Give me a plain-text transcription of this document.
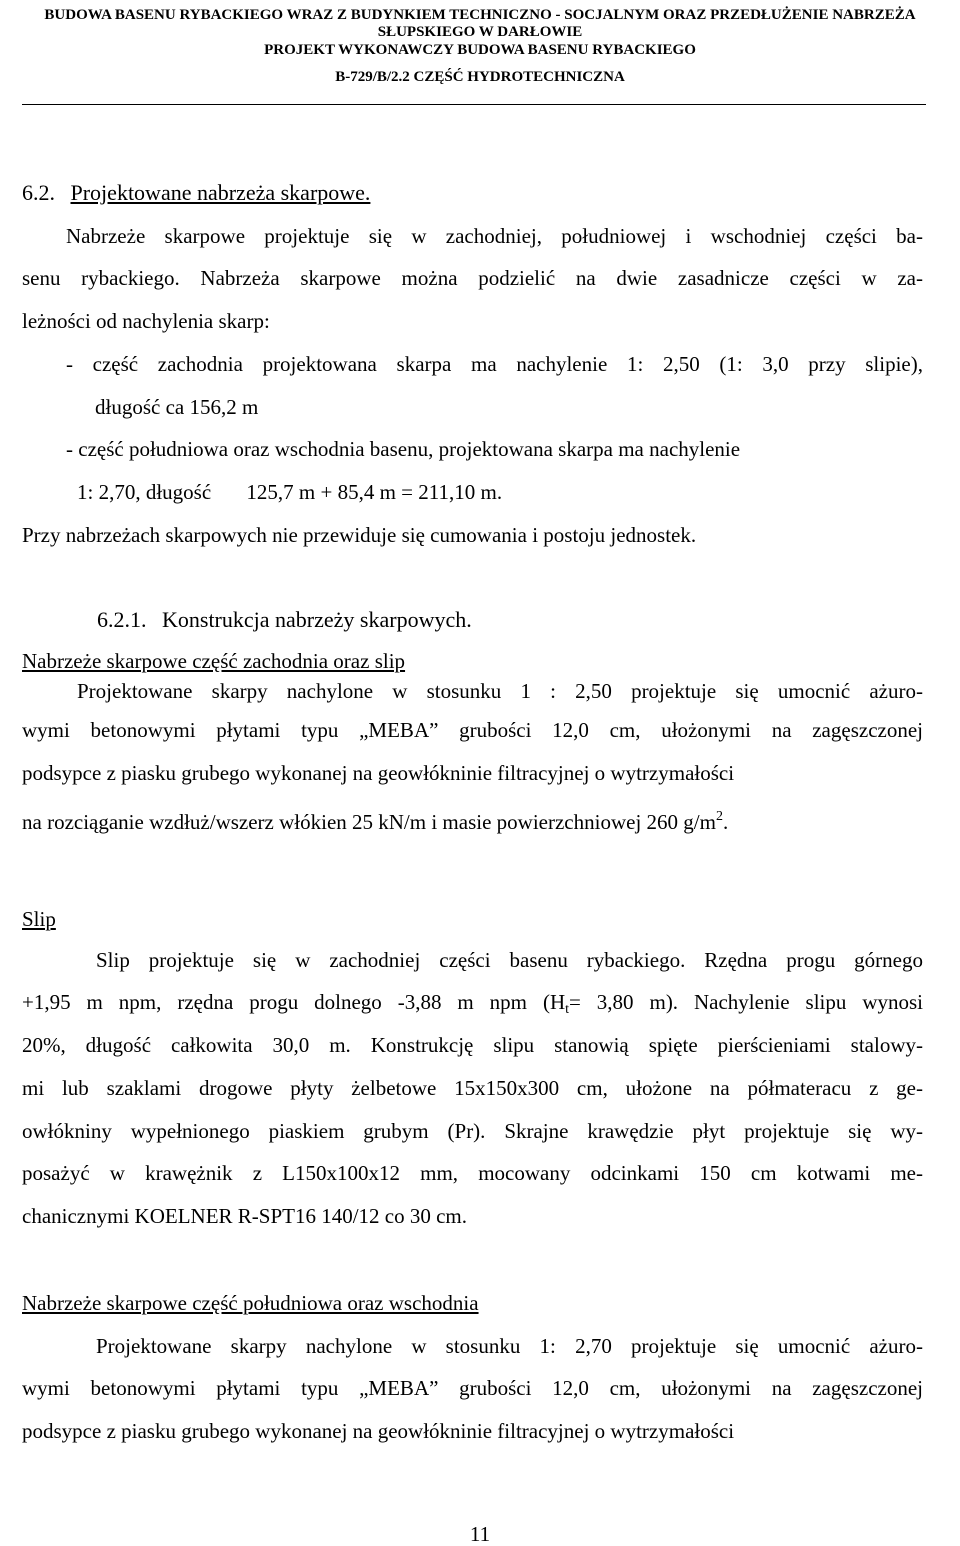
BUDOWA BASENU RYBACKIEGO WRAZ Z BUDYNKIEM TECHNICZNO - SOCJALNYM ORAZ PRZEDŁUŻENIE NABRZEŻA
SŁUPSKIEGO W DARŁOWIE
PROJEKT WYKONAWCZY BUDOWA BASENU RYBACKIEGO
B-729/B/2.2 CZĘŚĆ HYDROTECHNICZNA
6.2. Projektowane nabrzeża skarpowe.
Nabrzeże skarpowe projektuje się w zachodniej, południowej i wschodniej części ba-
senu rybackiego. Nabrzeża skarpowe można podzielić na dwie zasadnicze części w za-
leżności od nachylenia skarp:
- część zachodnia projektowana skarpa ma nachylenie 1: 2,50 (1: 3,0 przy slipie),
długość ca 156,2 m
- część południowa oraz wschodnia basenu, projektowana skarpa ma nachylenie
1: 2,70, długość 125,7 m + 85,4 m = 211,10 m.
Przy nabrzeżach skarpowych nie przewiduje się cumowania i postoju jednostek.
6.2.1. Konstrukcja nabrzeży skarpowych.
Nabrzeże skarpowe część zachodnia oraz slip
Projektowane skarpy nachylone w stosunku 1 : 2,50 projektuje się umocnić ażuro-
wymi betonowymi płytami typu „MEBA” grubości 12,0 cm, ułożonymi na zagęszczonej
podsypce z piasku grubego wykonanej na geowłókninie filtracyjnej o wytrzymałości
na rozciąganie wzdłuż/wszerz włókien 25 kN/m i masie powierzchniowej 260 $g/m^2$.
Slip
Slip projektuje się w zachodniej części basenu rybackiego. Rzędna progu górnego
+1,95 m npm, rzędna progu dolnego -3,88 m npm ($H_t= 3,80$ m). Nachylenie slipu wynosi
20%, długość całkowita 30,0 m. Konstrukcję slipu stanowią spięte pierścieniami stalowy-
mi lub szaklami drogowe płyty żelbetowe 15x150x300 cm, ułożone na półmateracu z ge-
owłókniny wypełnionego piaskiem grubym (Pr). Skrajne krawędzie płyt projektuje się wy-
posażyć w krawężnik z L150x100x12 mm, mocowany odcinkami 150 cm kotwami me-
chanicznymi KOELNER R-SPT16 140/12 co 30 cm.
Nabrzeże skarpowe część południowa oraz wschodnia
Projektowane skarpy nachylone w stosunku 1: 2,70 projektuje się umocnić ażuro-
wymi betonowymi płytami typu „MEBA” grubości 12,0 cm, ułożonymi na zagęszczonej
podsypce z piasku grubego wykonanej na geowłókninie filtracyjnej o wytrzymałości
11
